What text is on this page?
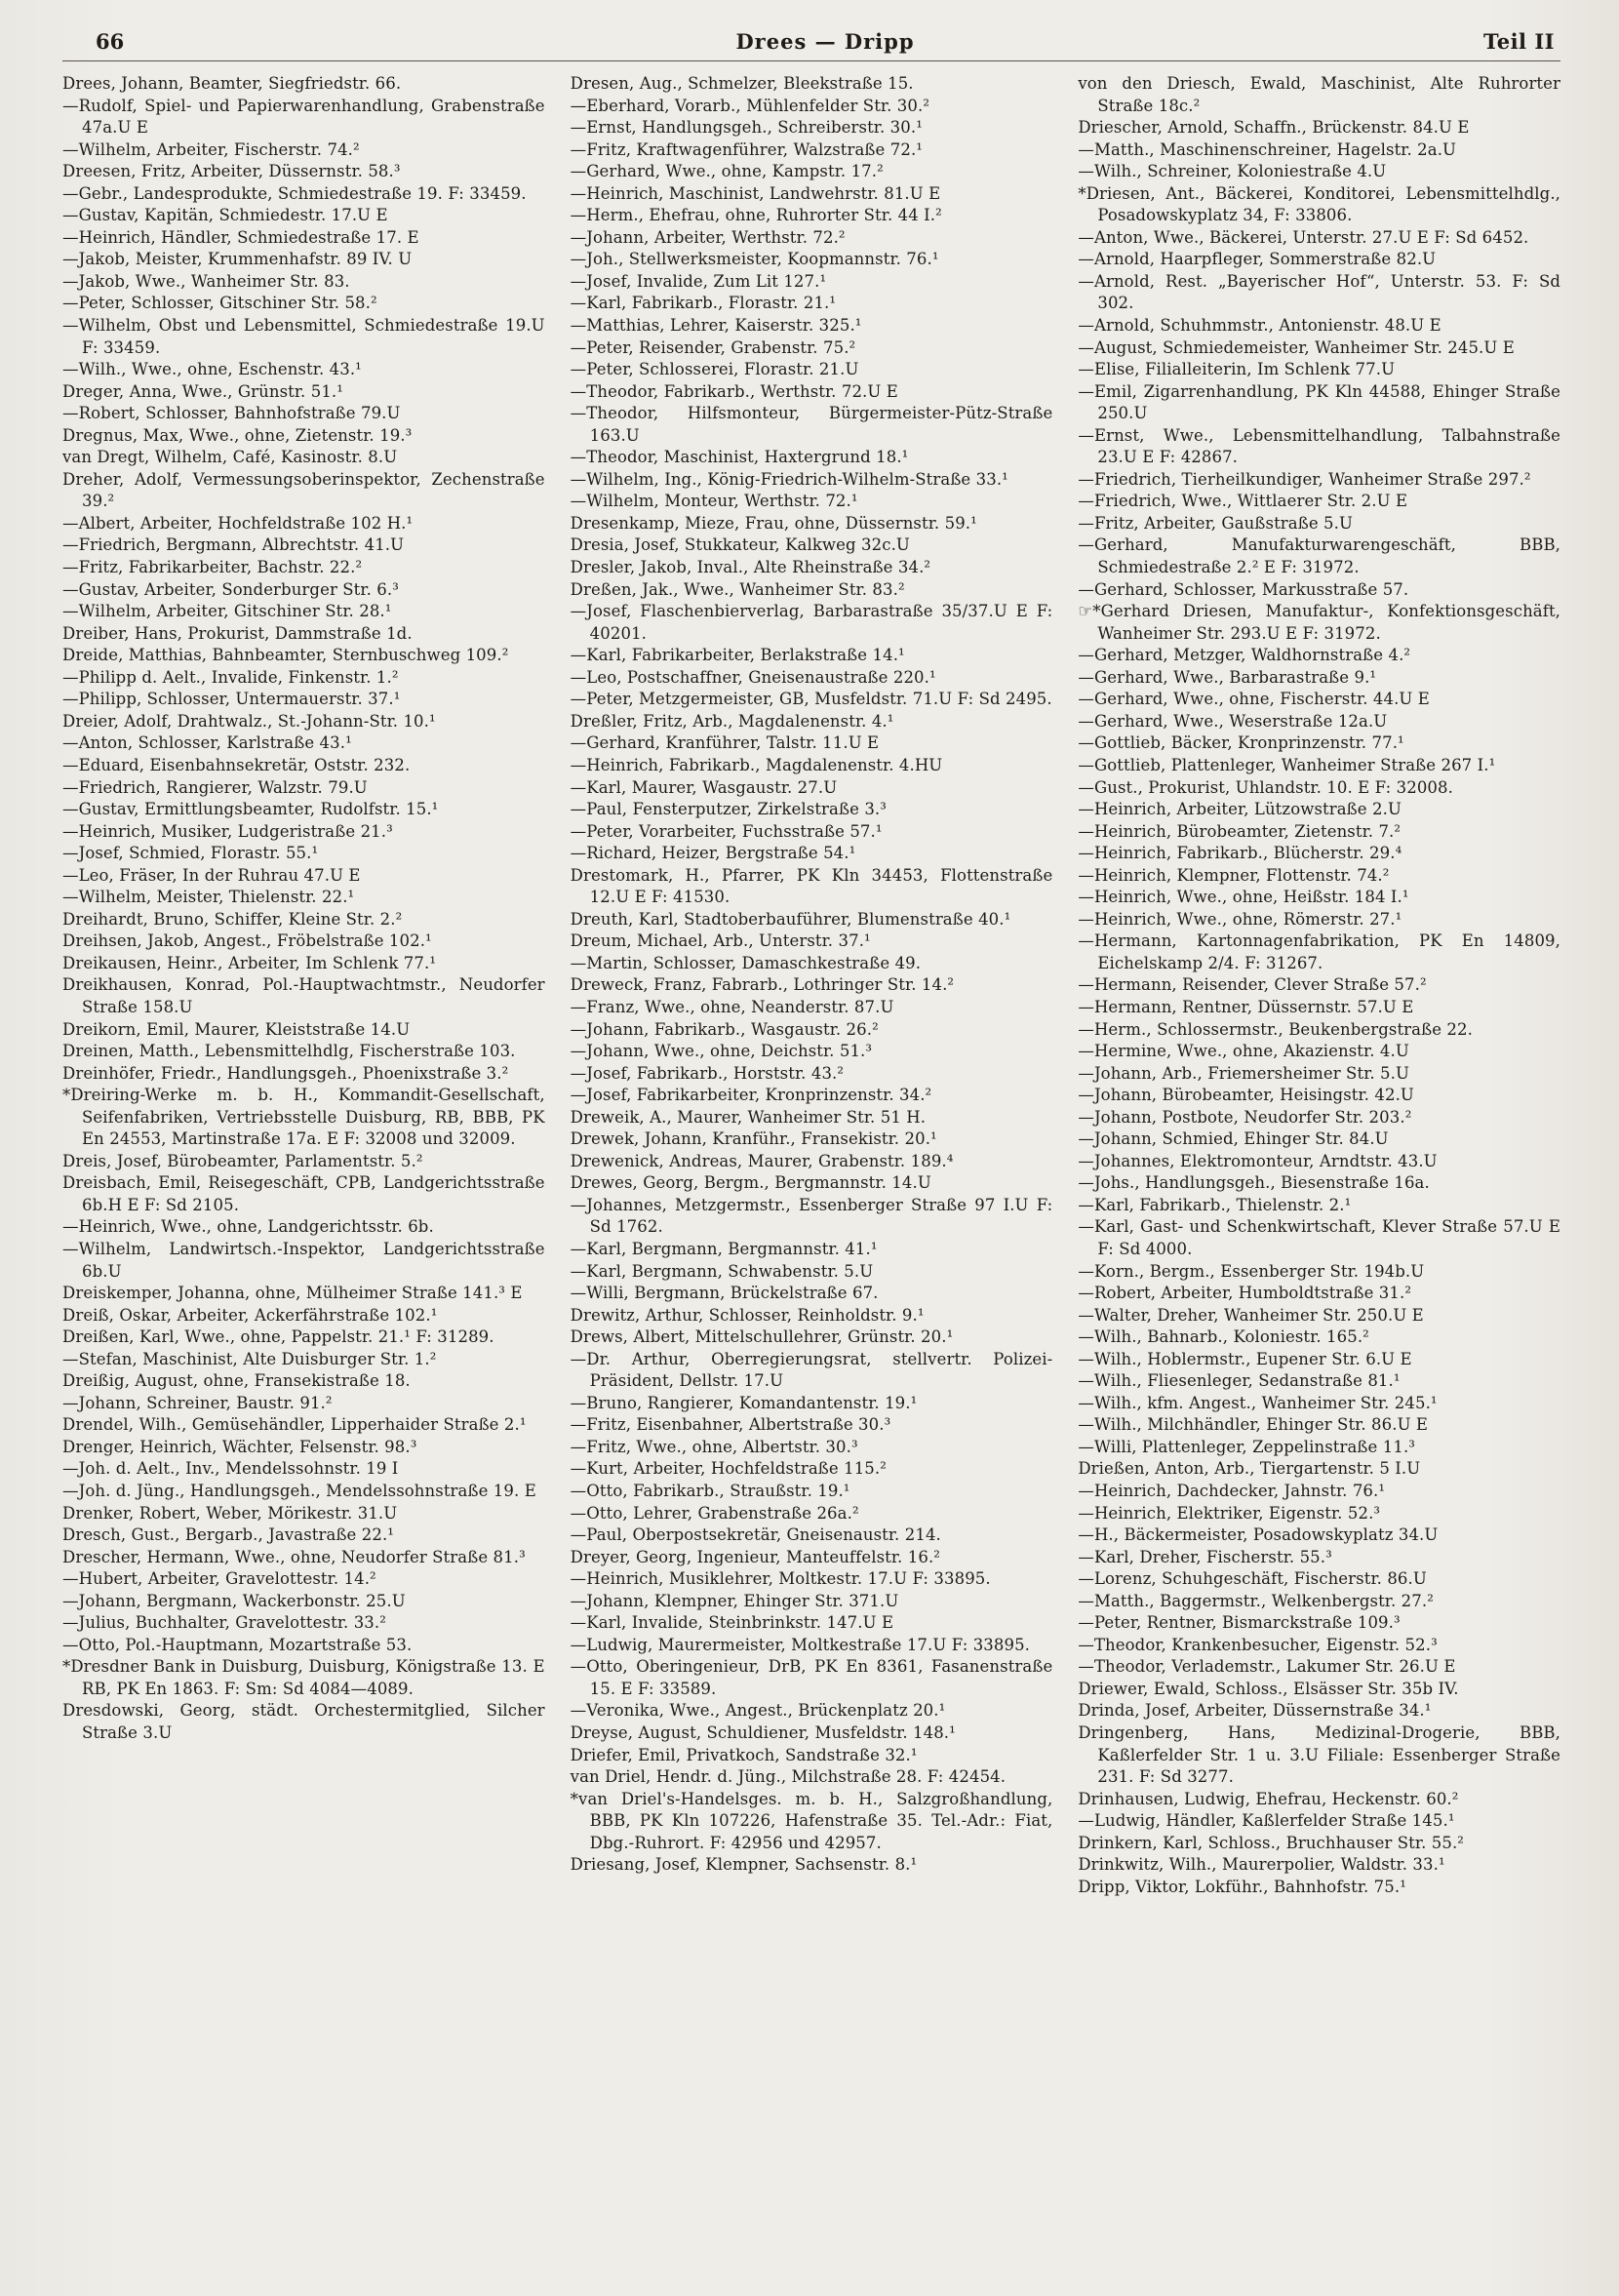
66	Drees — Dripp	Teil II

Drees, Johann, Beamter, Siegfriedstr. 66.

—Rudolf, Spiel- und Papierwarenhandlung, Grabenstraße 47a.U E

—Wilhelm, Arbeiter, Fischerstr. 74.²

Dreesen, Fritz, Arbeiter, Düssernstr. 58.³

—Gebr., Landesprodukte, Schmiedestraße 19. F: 33459.

—Gustav, Kapitän, Schmiedestr. 17.U E

—Heinrich, Händler, Schmiedestraße 17. E

—Jakob, Meister, Krummenhafstr. 89 IV. U

—Jakob, Wwe., Wanheimer Str. 83.

—Peter, Schlosser, Gitschiner Str. 58.²

—Wilhelm, Obst und Lebensmittel, Schmiedestraße 19.U F: 33459.

—Wilh., Wwe., ohne, Eschenstr. 43.¹

Dreger, Anna, Wwe., Grünstr. 51.¹

—Robert, Schlosser, Bahnhofstraße 79.U

Dregnus, Max, Wwe., ohne, Zietenstr. 19.³

van Dregt, Wilhelm, Café, Kasinostr. 8.U

Dreher, Adolf, Vermessungsoberinspektor, Zechenstraße 39.²

—Albert, Arbeiter, Hochfeldstraße 102 H.¹

—Friedrich, Bergmann, Albrechtstr. 41.U

—Fritz, Fabrikarbeiter, Bachstr. 22.²

—Gustav, Arbeiter, Sonderburger Str. 6.³

—Wilhelm, Arbeiter, Gitschiner Str. 28.¹

Dreiber, Hans, Prokurist, Dammstraße 1d.

Dreide, Matthias, Bahnbeamter, Sternbuschweg 109.²

—Philipp d. Aelt., Invalide, Finkenstr. 1.²

—Philipp, Schlosser, Untermauerstr. 37.¹

Dreier, Adolf, Drahtwalz., St.-Johann-Str. 10.¹

—Anton, Schlosser, Karlstraße 43.¹

—Eduard, Eisenbahnsekretär, Oststr. 232.

—Friedrich, Rangierer, Walzstr. 79.U

—Gustav, Ermittlungsbeamter, Rudolfstr. 15.¹

—Heinrich, Musiker, Ludgeristraße 21.³

—Josef, Schmied, Florastr. 55.¹

—Leo, Fräser, In der Ruhrau 47.U E

—Wilhelm, Meister, Thielenstr. 22.¹

Dreihardt, Bruno, Schiffer, Kleine Str. 2.²

Dreihsen, Jakob, Angest., Fröbelstraße 102.¹

Dreikausen, Heinr., Arbeiter, Im Schlenk 77.¹

Dreikhausen, Konrad, Pol.-Hauptwachtmstr., Neudorfer Straße 158.U

Dreikorn, Emil, Maurer, Kleiststraße 14.U

Dreinen, Matth., Lebensmittelhdlg, Fischerstraße 103.

Dreinhöfer, Friedr., Handlungsgeh., Phoenixstraße 3.²

*Dreiring-Werke m. b. H., Kommandit-Gesellschaft, Seifenfabriken, Vertriebsstelle Duisburg, RB, BBB, PK En 24553, Martinstraße 17a. E F: 32008 und 32009.

Dreis, Josef, Bürobeamter, Parlamentstr. 5.²

Dreisbach, Emil, Reisegeschäft, CPB, Landgerichtsstraße 6b.H E F: Sd 2105.

—Heinrich, Wwe., ohne, Landgerichtsstr. 6b.

—Wilhelm, Landwirtsch.-Inspektor, Landgerichtsstraße 6b.U

Dreiskemper, Johanna, ohne, Mülheimer Straße 141.³ E

Dreiß, Oskar, Arbeiter, Ackerfährstraße 102.¹

Dreißen, Karl, Wwe., ohne, Pappelstr. 21.¹ F: 31289.

—Stefan, Maschinist, Alte Duisburger Str. 1.²

Dreißig, August, ohne, Fransekistraße 18.

—Johann, Schreiner, Baustr. 91.²

Drendel, Wilh., Gemüsehändler, Lipperhaider Straße 2.¹

Drenger, Heinrich, Wächter, Felsenstr. 98.³

—Joh. d. Aelt., Inv., Mendelssohnstr. 19 I

—Joh. d. Jüng., Handlungsgeh., Mendelssohnstraße 19. E

Drenker, Robert, Weber, Mörikestr. 31.U

Dresch, Gust., Bergarb., Javastraße 22.¹

Drescher, Hermann, Wwe., ohne, Neudorfer Straße 81.³

—Hubert, Arbeiter, Gravelottestr. 14.²

—Johann, Bergmann, Wackerbonstr. 25.U

—Julius, Buchhalter, Gravelottestr. 33.²

—Otto, Pol.-Hauptmann, Mozartstraße 53.

*Dresdner Bank in Duisburg, Duisburg, Königstraße 13. E RB, PK En 1863. F: Sm: Sd 4084—4089.

Dresdowski, Georg, städt. Orchestermitglied, Silcher Straße 3.U

Dresen, Aug., Schmelzer, Bleekstraße 15.

—Eberhard, Vorarb., Mühlenfelder Str. 30.²

—Ernst, Handlungsgeh., Schreiberstr. 30.¹

—Fritz, Kraftwagenführer, Walzstraße 72.¹

—Gerhard, Wwe., ohne, Kampstr. 17.²

—Heinrich, Maschinist, Landwehrstr. 81.U E

—Herm., Ehefrau, ohne, Ruhrorter Str. 44 I.²

—Johann, Arbeiter, Werthstr. 72.²

—Joh., Stellwerksmeister, Koopmannstr. 76.¹

—Josef, Invalide, Zum Lit 127.¹

—Karl, Fabrikarb., Florastr. 21.¹

—Matthias, Lehrer, Kaiserstr. 325.¹

—Peter, Reisender, Grabenstr. 75.²

—Peter, Schlosserei, Florastr. 21.U

—Theodor, Fabrikarb., Werthstr. 72.U E

—Theodor, Hilfsmonteur, Bürgermeister-Pütz-Straße 163.U

—Theodor, Maschinist, Haxtergrund 18.¹

—Wilhelm, Ing., König-Friedrich-Wilhelm-Straße 33.¹

—Wilhelm, Monteur, Werthstr. 72.¹

Dresenkamp, Mieze, Frau, ohne, Düssernstr. 59.¹

Dresia, Josef, Stukkateur, Kalkweg 32c.U

Dresler, Jakob, Inval., Alte Rheinstraße 34.²

Dreßen, Jak., Wwe., Wanheimer Str. 83.²

—Josef, Flaschenbierverlag, Barbarastraße 35/37.U E F: 40201.

—Karl, Fabrikarbeiter, Berlakstraße 14.¹

—Leo, Postschaffner, Gneisenaustraße 220.¹

—Peter, Metzgermeister, GB, Musfeldstr. 71.U F: Sd 2495.

Dreßler, Fritz, Arb., Magdalenenstr. 4.¹

—Gerhard, Kranführer, Talstr. 11.U E

—Heinrich, Fabrikarb., Magdalenenstr. 4.HU

—Karl, Maurer, Wasgaustr. 27.U

—Paul, Fensterputzer, Zirkelstraße 3.³

—Peter, Vorarbeiter, Fuchsstraße 57.¹

—Richard, Heizer, Bergstraße 54.¹

Drestomark, H., Pfarrer, PK Kln 34453, Flottenstraße 12.U E F: 41530.

Dreuth, Karl, Stadtoberbauführer, Blumenstraße 40.¹

Dreum, Michael, Arb., Unterstr. 37.¹

—Martin, Schlosser, Damaschkestraße 49.

Dreweck, Franz, Fabrarb., Lothringer Str. 14.²

—Franz, Wwe., ohne, Neanderstr. 87.U

—Johann, Fabrikarb., Wasgaustr. 26.²

—Johann, Wwe., ohne, Deichstr. 51.³

—Josef, Fabrikarb., Horststr. 43.²

—Josef, Fabrikarbeiter, Kronprinzenstr. 34.²

Dreweik, A., Maurer, Wanheimer Str. 51 H.

Drewek, Johann, Kranführ., Fransekistr. 20.¹

Drewenick, Andreas, Maurer, Grabenstr. 189.⁴

Drewes, Georg, Bergm., Bergmannstr. 14.U

—Johannes, Metzgermstr., Essenberger Straße 97 I.U F: Sd 1762.

—Karl, Bergmann, Bergmannstr. 41.¹

—Karl, Bergmann, Schwabenstr. 5.U

—Willi, Bergmann, Brückelstraße 67.

Drewitz, Arthur, Schlosser, Reinholdstr. 9.¹

Drews, Albert, Mittelschullehrer, Grünstr. 20.¹

—Dr. Arthur, Oberregierungsrat, stellvertr. Polizei-Präsident, Dellstr. 17.U

—Bruno, Rangierer, Komandantenstr. 19.¹

—Fritz, Eisenbahner, Albertstraße 30.³

—Fritz, Wwe., ohne, Albertstr. 30.³

—Kurt, Arbeiter, Hochfeldstraße 115.²

—Otto, Fabrikarb., Straußstr. 19.¹

—Otto, Lehrer, Grabenstraße 26a.²

—Paul, Oberpostsekretär, Gneisenaustr. 214.

Dreyer, Georg, Ingenieur, Manteuffelstr. 16.²

—Heinrich, Musiklehrer, Moltkestr. 17.U F: 33895.

—Johann, Klempner, Ehinger Str. 371.U

—Karl, Invalide, Steinbrinkstr. 147.U E

—Ludwig, Maurermeister, Moltkestraße 17.U F: 33895.

—Otto, Oberingenieur, DrB, PK En 8361, Fasanenstraße 15. E F: 33589.

—Veronika, Wwe., Angest., Brückenplatz 20.¹

Dreyse, August, Schuldiener, Musfeldstr. 148.¹

Driefer, Emil, Privatkoch, Sandstraße 32.¹

van Driel, Hendr. d. Jüng., Milchstraße 28. F: 42454.

*van Driel's-Handelsges. m. b. H., Salzgroßhandlung, BBB, PK Kln 107226, Hafenstraße 35. Tel.-Adr.: Fiat, Dbg.-Ruhrort. F: 42956 und 42957.

Driesang, Josef, Klempner, Sachsenstr. 8.¹

von den Driesch, Ewald, Maschinist, Alte Ruhrorter Straße 18c.²

Driescher, Arnold, Schaffn., Brückenstr. 84.U E

—Matth., Maschinenschreiner, Hagelstr. 2a.U

—Wilh., Schreiner, Koloniestraße 4.U

*Driesen, Ant., Bäckerei, Konditorei, Lebensmittelhdlg., Posadowskyplatz 34, F: 33806.

—Anton, Wwe., Bäckerei, Unterstr. 27.U E F: Sd 6452.

—Arnold, Haarpfleger, Sommerstraße 82.U

—Arnold, Rest. „Bayerischer Hof“, Unterstr. 53. F: Sd 302.

—Arnold, Schuhmmstr., Antonienstr. 48.U E

—August, Schmiedemeister, Wanheimer Str. 245.U E

—Elise, Filialleiterin, Im Schlenk 77.U

—Emil, Zigarrenhandlung, PK Kln 44588, Ehinger Straße 250.U

—Ernst, Wwe., Lebensmittelhandlung, Talbahnstraße 23.U E F: 42867.

—Friedrich, Tierheilkundiger, Wanheimer Straße 297.²

—Friedrich, Wwe., Wittlaerer Str. 2.U E

—Fritz, Arbeiter, Gaußstraße 5.U

—Gerhard, Manufakturwarengeschäft, BBB, Schmiedestraße 2.² E F: 31972.

—Gerhard, Schlosser, Markusstraße 57.

☞*Gerhard Driesen, Manufaktur-, Konfektionsgeschäft, Wanheimer Str. 293.U E F: 31972.

—Gerhard, Metzger, Waldhornstraße 4.²

—Gerhard, Wwe., Barbarastraße 9.¹

—Gerhard, Wwe., ohne, Fischerstr. 44.U E

—Gerhard, Wwe., Weserstraße 12a.U

—Gottlieb, Bäcker, Kronprinzenstr. 77.¹

—Gottlieb, Plattenleger, Wanheimer Straße 267 I.¹

—Gust., Prokurist, Uhlandstr. 10. E F: 32008.

—Heinrich, Arbeiter, Lützowstraße 2.U

—Heinrich, Bürobeamter, Zietenstr. 7.²

—Heinrich, Fabrikarb., Blücherstr. 29.⁴

—Heinrich, Klempner, Flottenstr. 74.²

—Heinrich, Wwe., ohne, Heißstr. 184 I.¹

—Heinrich, Wwe., ohne, Römerstr. 27.¹

—Hermann, Kartonnagenfabrikation, PK En 14809, Eichelskamp 2/4. F: 31267.

—Hermann, Reisender, Clever Straße 57.²

—Hermann, Rentner, Düssernstr. 57.U E

—Herm., Schlossermstr., Beukenbergstraße 22.

—Hermine, Wwe., ohne, Akazienstr. 4.U

—Johann, Arb., Friemersheimer Str. 5.U

—Johann, Bürobeamter, Heisingstr. 42.U

—Johann, Postbote, Neudorfer Str. 203.²

—Johann, Schmied, Ehinger Str. 84.U

—Johannes, Elektromonteur, Arndtstr. 43.U

—Johs., Handlungsgeh., Biesenstraße 16a.

—Karl, Fabrikarb., Thielenstr. 2.¹

—Karl, Gast- und Schenkwirtschaft, Klever Straße 57.U E F: Sd 4000.

—Korn., Bergm., Essenberger Str. 194b.U

—Robert, Arbeiter, Humboldtstraße 31.²

—Walter, Dreher, Wanheimer Str. 250.U E

—Wilh., Bahnarb., Koloniestr. 165.²

—Wilh., Hoblermstr., Eupener Str. 6.U E

—Wilh., Fliesenleger, Sedanstraße 81.¹

—Wilh., kfm. Angest., Wanheimer Str. 245.¹

—Wilh., Milchhändler, Ehinger Str. 86.U E

—Willi, Plattenleger, Zeppelinstraße 11.³

Drießen, Anton, Arb., Tiergartenstr. 5 I.U

—Heinrich, Dachdecker, Jahnstr. 76.¹

—Heinrich, Elektriker, Eigenstr. 52.³

—H., Bäckermeister, Posadowskyplatz 34.U

—Karl, Dreher, Fischerstr. 55.³

—Lorenz, Schuhgeschäft, Fischerstr. 86.U

—Matth., Baggermstr., Welkenbergstr. 27.²

—Peter, Rentner, Bismarckstraße 109.³

—Theodor, Krankenbesucher, Eigenstr. 52.³

—Theodor, Verlademstr., Lakumer Str. 26.U E

Driewer, Ewald, Schloss., Elsässer Str. 35b IV.

Drinda, Josef, Arbeiter, Düssernstraße 34.¹

Dringenberg, Hans, Medizinal-Drogerie, BBB, Kaßlerfelder Str. 1 u. 3.U Filiale: Essenberger Straße 231. F: Sd 3277.

Drinhausen, Ludwig, Ehefrau, Heckenstr. 60.²

—Ludwig, Händler, Kaßlerfelder Straße 145.¹

Drinkern, Karl, Schloss., Bruchhauser Str. 55.²

Drinkwitz, Wilh., Maurerpolier, Waldstr. 33.¹

Dripp, Viktor, Lokführ., Bahnhofstr. 75.¹
